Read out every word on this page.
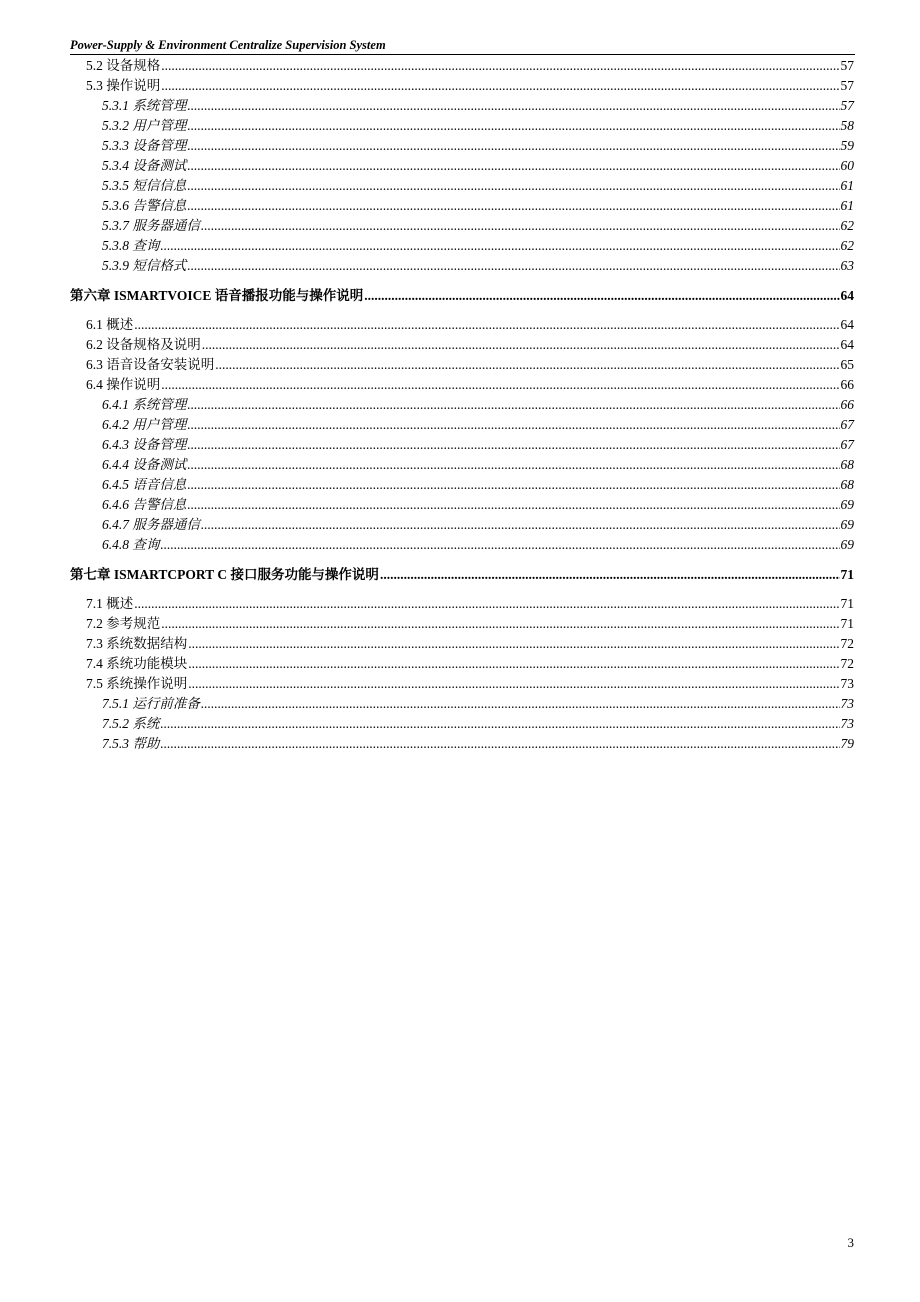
Power-Supply & Environment Centralize Supervision System
5.2 设备规格 .....	57
5.3 操作说明 .....	57
5.3.1 系统管理 .....	57
5.3.2 用户管理 .....	58
5.3.3 设备管理 .....	59
5.3.4 设备测试 .....	60
5.3.5 短信信息 .....	61
5.3.6 告警信息 .....	61
5.3.7 服务器通信 .....	62
5.3.8 查询 .....	62
5.3.9 短信格式 .....	63
第六章 ISMARTVOICE 语音播报功能与操作说明 .....	64
6.1 概述 .....	64
6.2 设备规格及说明 .....	64
6.3 语音设备安装说明 .....	65
6.4 操作说明 .....	66
6.4.1 系统管理 .....	66
6.4.2 用户管理 .....	67
6.4.3 设备管理 .....	67
6.4.4 设备测试 .....	68
6.4.5 语音信息 .....	68
6.4.6 告警信息 .....	69
6.4.7 服务器通信 .....	69
6.4.8 查询 .....	69
第七章 ISMARTCPORT C 接口服务功能与操作说明 .....	71
7.1 概述 .....	71
7.2 参考规范 .....	71
7.3 系统数据结构 .....	72
7.4 系统功能模块 .....	72
7.5 系统操作说明 .....	73
7.5.1 运行前准备 .....	73
7.5.2 系统 .....	73
7.5.3 帮助 .....	79
3
